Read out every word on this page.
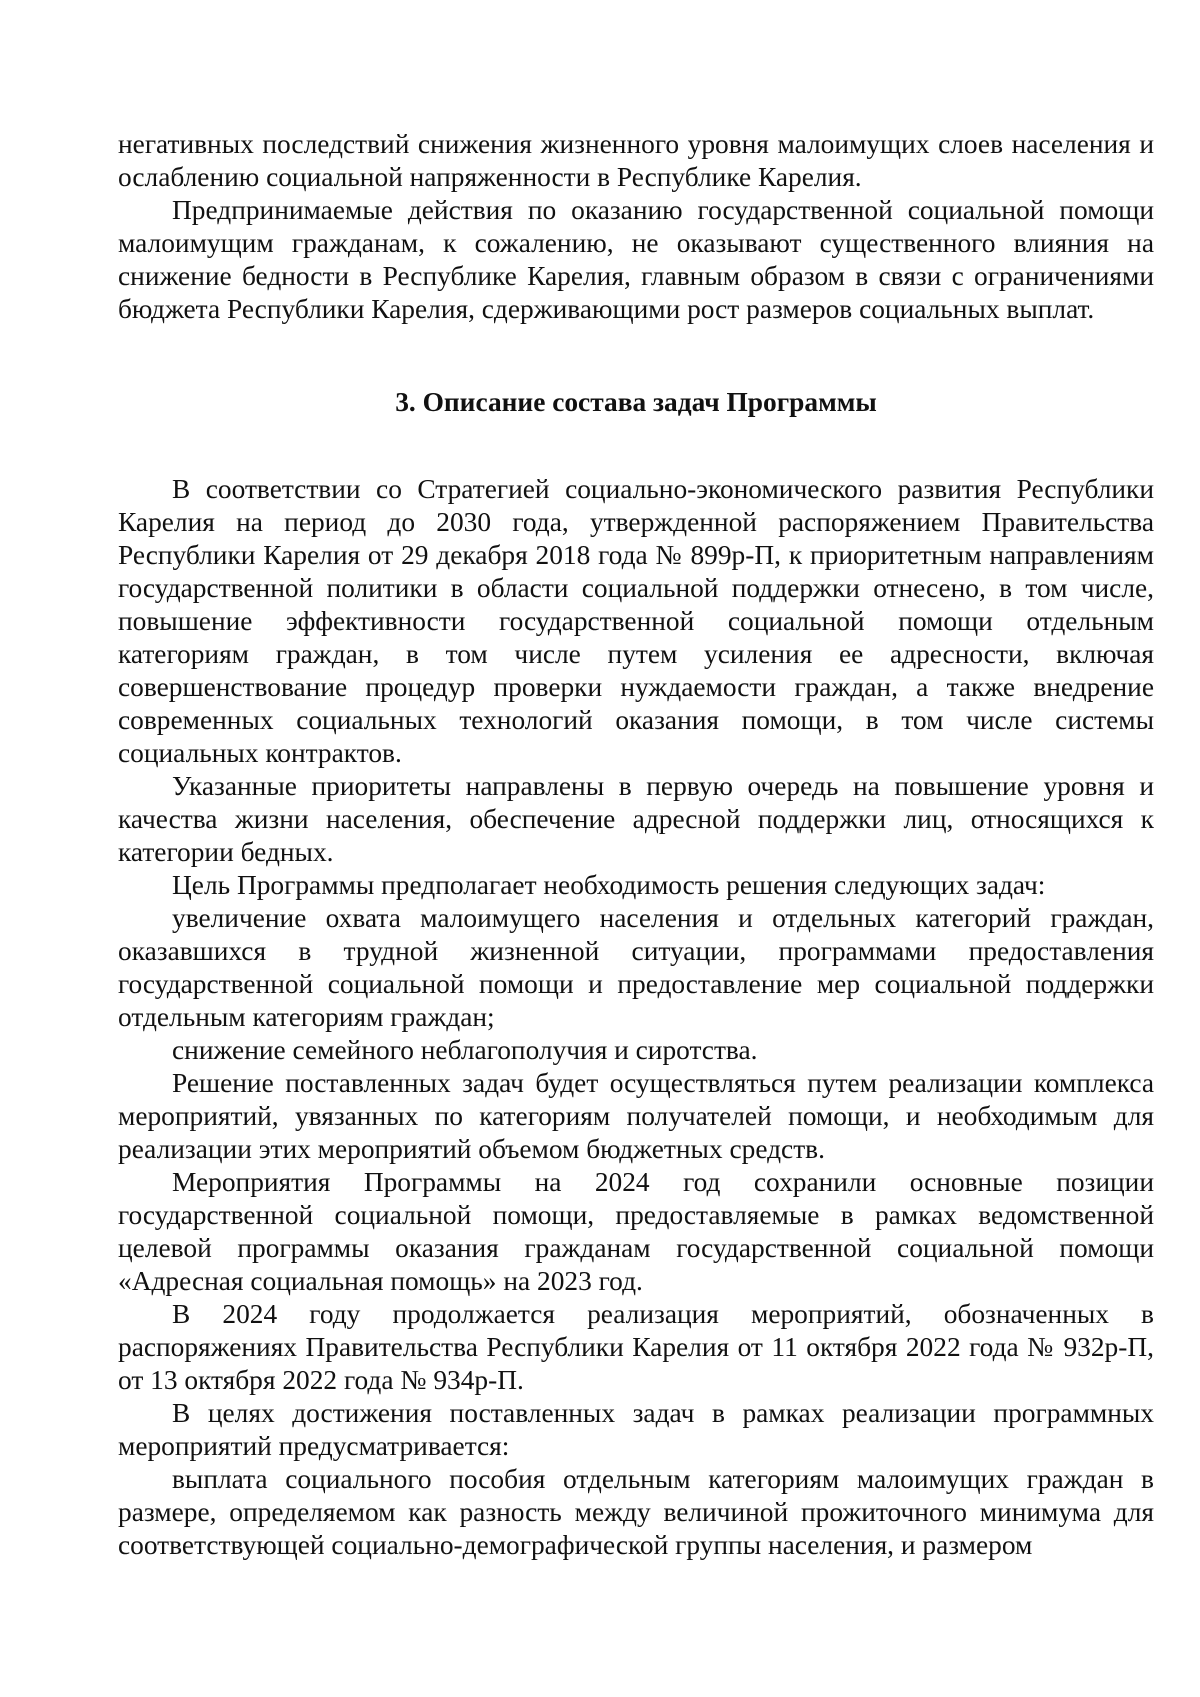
негативных последствий снижения жизненного уровня малоимущих слоев населения и ослаблению социальной напряженности в Республике Карелия.

Предпринимаемые действия по оказанию государственной социальной помощи малоимущим гражданам, к сожалению, не оказывают существенного влияния на снижение бедности в Республике Карелия, главным образом в связи с ограничениями бюджета Республики Карелия, сдерживающими рост размеров социальных выплат.

3. Описание состава задач Программы

В соответствии со Стратегией социально-экономического развития Республики Карелия на период до 2030 года, утвержденной распоряжением Правительства Республики Карелия от 29 декабря 2018 года № 899р-П, к приоритетным направлениям государственной политики в области социальной поддержки отнесено, в том числе, повышение эффективности государственной социальной помощи отдельным категориям граждан, в том числе путем усиления ее адресности, включая совершенствование процедур проверки нуждаемости граждан, а также внедрение современных социальных технологий оказания помощи, в том числе системы социальных контрактов.

Указанные приоритеты направлены в первую очередь на повышение уровня и качества жизни населения, обеспечение адресной поддержки лиц, относящихся к категории бедных.

Цель Программы предполагает необходимость решения следующих задач:

увеличение охвата малоимущего населения и отдельных категорий граждан, оказавшихся в трудной жизненной ситуации, программами предоставления государственной социальной помощи и предоставление мер социальной поддержки отдельным категориям граждан;

снижение семейного неблагополучия и сиротства.

Решение поставленных задач будет осуществляться путем реализации комплекса мероприятий, увязанных по категориям получателей помощи, и необходимым для реализации этих мероприятий объемом бюджетных средств.

Мероприятия Программы на 2024 год сохранили основные позиции государственной социальной помощи, предоставляемые в рамках ведомственной целевой программы оказания гражданам государственной социальной помощи «Адресная социальная помощь» на 2023 год.

В 2024 году продолжается реализация мероприятий, обозначенных в распоряжениях Правительства Республики Карелия от 11 октября 2022 года № 932р-П, от 13 октября 2022 года № 934р-П.

В целях достижения поставленных задач в рамках реализации программных мероприятий предусматривается:

выплата социального пособия отдельным категориям малоимущих граждан в размере, определяемом как разность между величиной прожиточного минимума для соответствующей социально-демографической группы населения, и размером
